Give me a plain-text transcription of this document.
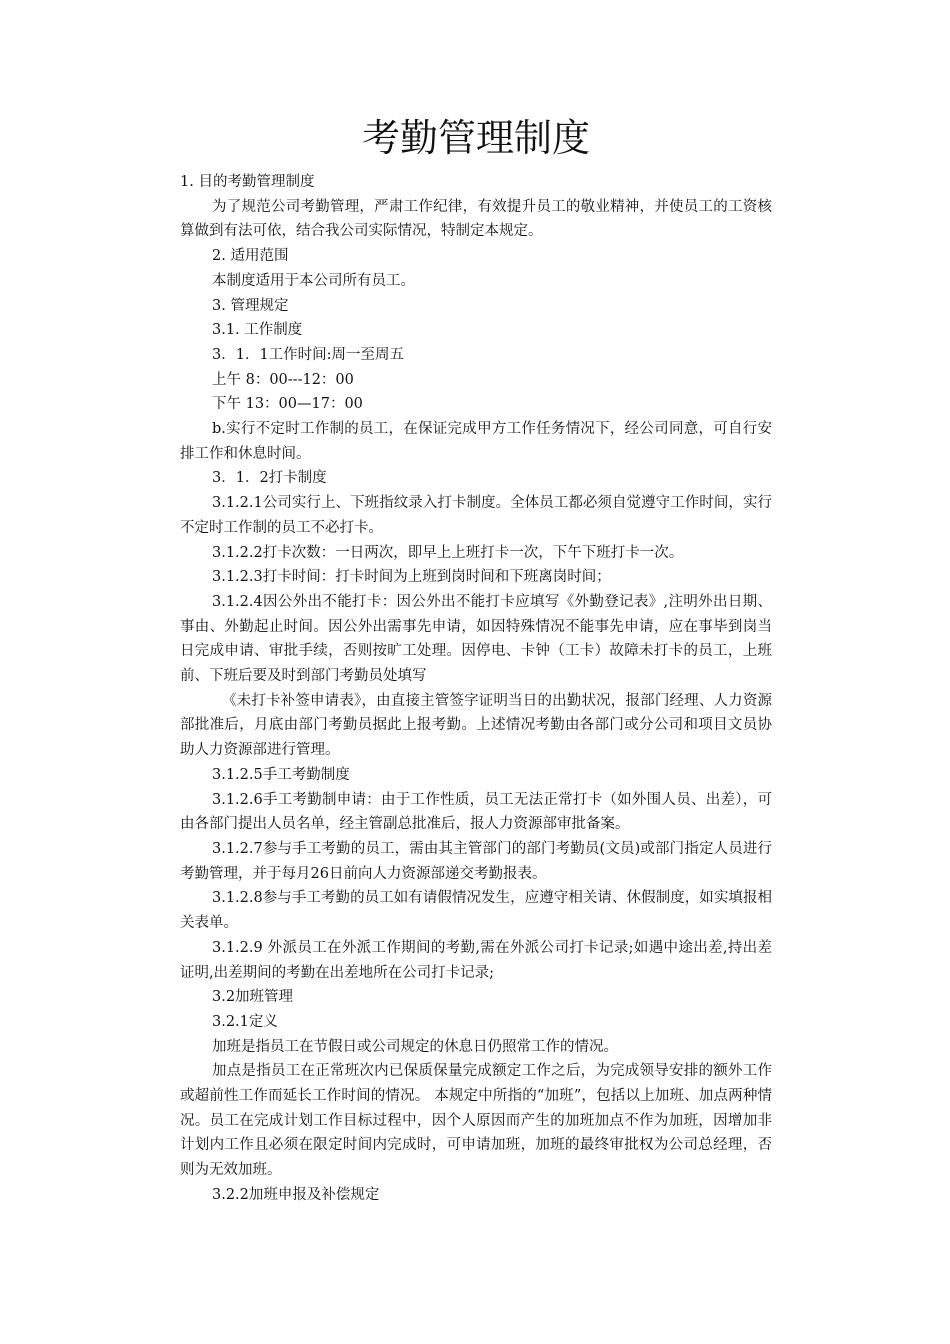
考勤管理制度

1. 目的考勤管理制度

为了规范公司考勤管理，严肃工作纪律，有效提升员工的敬业精神，并使员工的工资核算做到有法可依，结合我公司实际情况，特制定本规定。

2. 适用范围

本制度适用于本公司所有员工。

3. 管理规定

3.1. 工作制度

3．1．1工作时间:周一至周五

上午 8：00---12：00

下午 13：00—17：00

b.实行不定时工作制的员工，在保证完成甲方工作任务情况下，经公司同意，可自行安排工作和休息时间。

3．1．2打卡制度

3.1.2.1公司实行上、下班指纹录入打卡制度。全体员工都必须自觉遵守工作时间，实行不定时工作制的员工不必打卡。

3.1.2.2打卡次数：一日两次，即早上上班打卡一次，下午下班打卡一次。

3.1.2.3打卡时间：打卡时间为上班到岗时间和下班离岗时间；

3.1.2.4因公外出不能打卡：因公外出不能打卡应填写《外勤登记表》,注明外出日期、事由、外勤起止时间。因公外出需事先申请，如因特殊情况不能事先申请，应在事毕到岗当日完成申请、审批手续，否则按旷工处理。因停电、卡钟（工卡）故障未打卡的员工，上班前、下班后要及时到部门考勤员处填写

《未打卡补签申请表》，由直接主管签字证明当日的出勤状况，报部门经理、人力资源部批准后，月底由部门考勤员据此上报考勤。上述情况考勤由各部门或分公司和项目文员协助人力资源部进行管理。

3.1.2.5手工考勤制度

3.1.2.6手工考勤制申请：由于工作性质，员工无法正常打卡（如外围人员、出差），可由各部门提出人员名单，经主管副总批准后，报人力资源部审批备案。

3.1.2.7参与手工考勤的员工，需由其主管部门的部门考勤员(文员)或部门指定人员进行考勤管理，并于每月26日前向人力资源部递交考勤报表。

3.1.2.8参与手工考勤的员工如有请假情况发生，应遵守相关请、休假制度，如实填报相关表单。

3.1.2.9 外派员工在外派工作期间的考勤,需在外派公司打卡记录;如遇中途出差,持出差证明,出差期间的考勤在出差地所在公司打卡记录;

3.2加班管理

3.2.1定义

加班是指员工在节假日或公司规定的休息日仍照常工作的情况。

加点是指员工在正常班次内已保质保量完成额定工作之后，为完成领导安排的额外工作或超前性工作而延长工作时间的情况。 本规定中所指的“加班”，包括以上加班、加点两种情况。员工在完成计划工作目标过程中，因个人原因而产生的加班加点不作为加班，因增加非计划内工作且必须在限定时间内完成时，可申请加班，加班的最终审批权为公司总经理，否则为无效加班。

3.2.2加班申报及补偿规定
